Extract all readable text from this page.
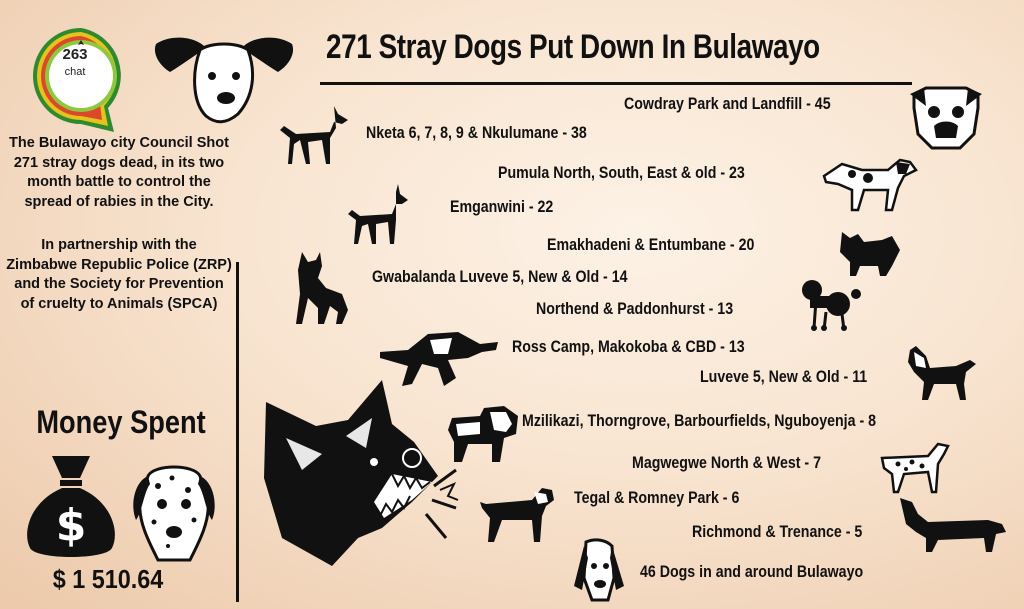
263
chat
271 Stray Dogs Put Down In Bulawayo

The Bulawayo city Council Shot 271 stray dogs dead, in its two month battle to control the spread of rabies in the City.

In partnership with the Zimbabwe Republic Police (ZRP) and the Society for Prevention of cruelty to Animals (SPCA)

Money Spent
$ 1 510.64
$
Cowdray Park and Landfill - 45
Nketa 6, 7, 8, 9 & Nkulumane - 38
Pumula North, South, East & old - 23
Emganwini - 22
Emakhadeni & Entumbane - 20
Gwabalanda Luveve 5, New & Old - 14
Northend & Paddonhurst - 13
Ross Camp, Makokoba & CBD - 13
Luveve 5, New & Old - 11
Mzilikazi, Thorngrove, Barbourfields, Nguboyenja - 8
Magwegwe North & West - 7
Tegal & Romney Park - 6
Richmond & Trenance - 5
46 Dogs in and around Bulawayo
